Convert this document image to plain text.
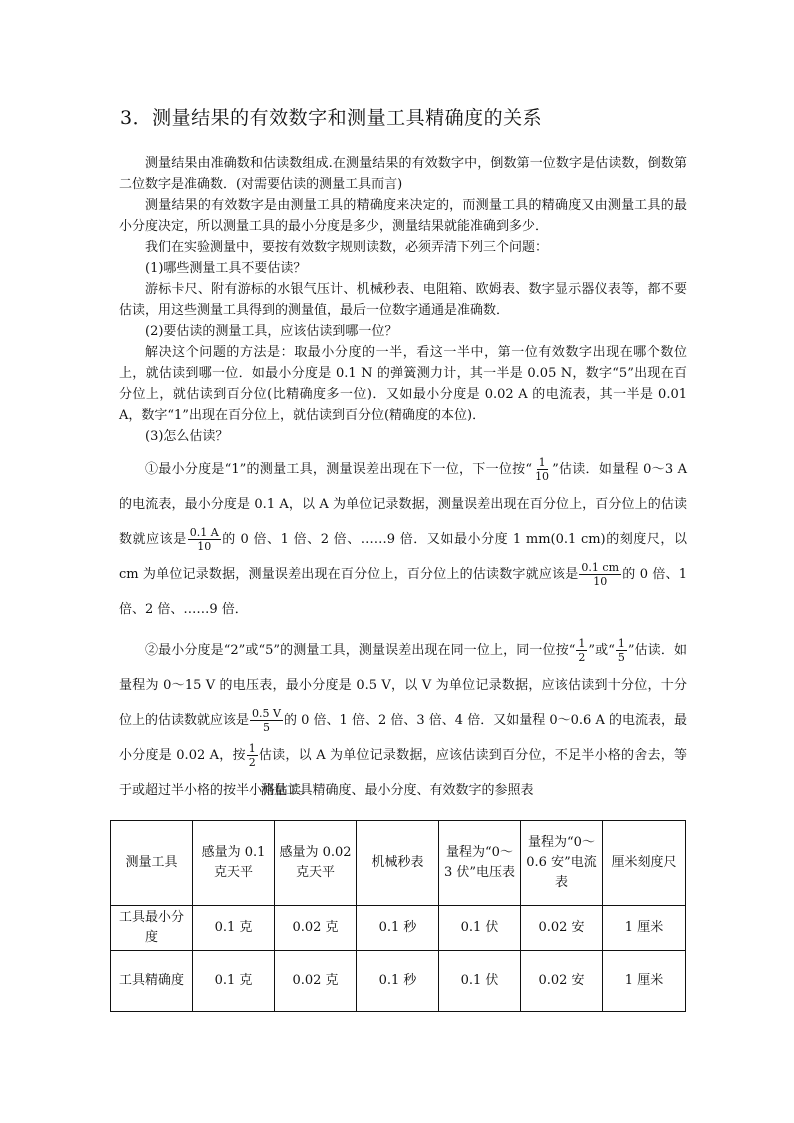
3．测量结果的有效数字和测量工具精确度的关系

测量结果由准确数和估读数组成.在测量结果的有效数字中，倒数第一位数字是估读数，倒数第二位数字是准确数．(对需要估读的测量工具而言)

测量结果的有效数字是由测量工具的精确度来决定的，而测量工具的精确度又由测量工具的最小分度决定，所以测量工具的最小分度是多少，测量结果就能准确到多少．

我们在实验测量中，要按有效数字规则读数，必须弄清下列三个问题：

(1)哪些测量工具不要估读？

游标卡尺、附有游标的水银气压计、机械秒表、电阻箱、欧姆表、数字显示器仪表等，都不要估读，用这些测量工具得到的测量值，最后一位数字通通是准确数．

(2)要估读的测量工具，应该估读到哪一位？

解决这个问题的方法是：取最小分度的一半，看这一半中，第一位有效数字出现在哪个数位上，就估读到哪一位．如最小分度是 0.1 N 的弹簧测力计，其一半是 0.05 N，数字“5”出现在百分位上，就估读到百分位(比精确度多一位)．又如最小分度是 0.02 A 的电流表，其一半是 0.01 A，数字“1”出现在百分位上，就估读到百分位(精确度的本位)．

(3)怎么估读？

①最小分度是“1”的测量工具，测量误差出现在下一位，下一位按“ $\frac{1}{10}$ ”估读．如量程 0～3 A 的电流表，最小分度是 0.1 A，以 A 为单位记录数据，测量误差出现在百分位上，百分位上的估读数就应该是 $\frac{0.1 A}{10}$ 的 0 倍、1 倍、2 倍、……9 倍．又如最小分度 1 mm(0.1 cm)的刻度尺，以 cm 为单位记录数据，测量误差出现在百分位上，百分位上的估读数字就应该是 $\frac{0.1 cm}{10}$ 的 0 倍、1 倍、2 倍、……9 倍．

②最小分度是“2”或“5”的测量工具，测量误差出现在同一位上，同一位按“ $\frac{1}{2}$ ”或“ $\frac{1}{5}$ ”估读．如量程为 0～15 V 的电压表，最小分度是 0.5 V，以 V 为单位记录数据，应该估读到十分位，十分位上的估读数就应该是 $\frac{0.5 V}{5}$ 的 0 倍、1 倍、2 倍、3 倍、4 倍．又如量程 0～0.6 A 的电流表，最小分度是 0.02 A，按 $\frac{1}{2}$ 估读，以 A 为单位记录数据，应该估读到百分位，不足半小格的舍去，等于或超过半小格的按半小格估读．

测量工具精确度、最小分度、有效数字的参照表
测量工具	感量为 0.1 克天平	感量为 0.02 克天平	机械秒表	量程为“0～3 伏”电压表	量程为“0～0.6 安”电流表	厘米刻度尺
工具最小分度	0.1 克	0.02 克	0.1 秒	0.1 伏	0.02 安	1 厘米
工具精确度	0.1 克	0.02 克	0.1 秒	0.1 伏	0.02 安	1 厘米
